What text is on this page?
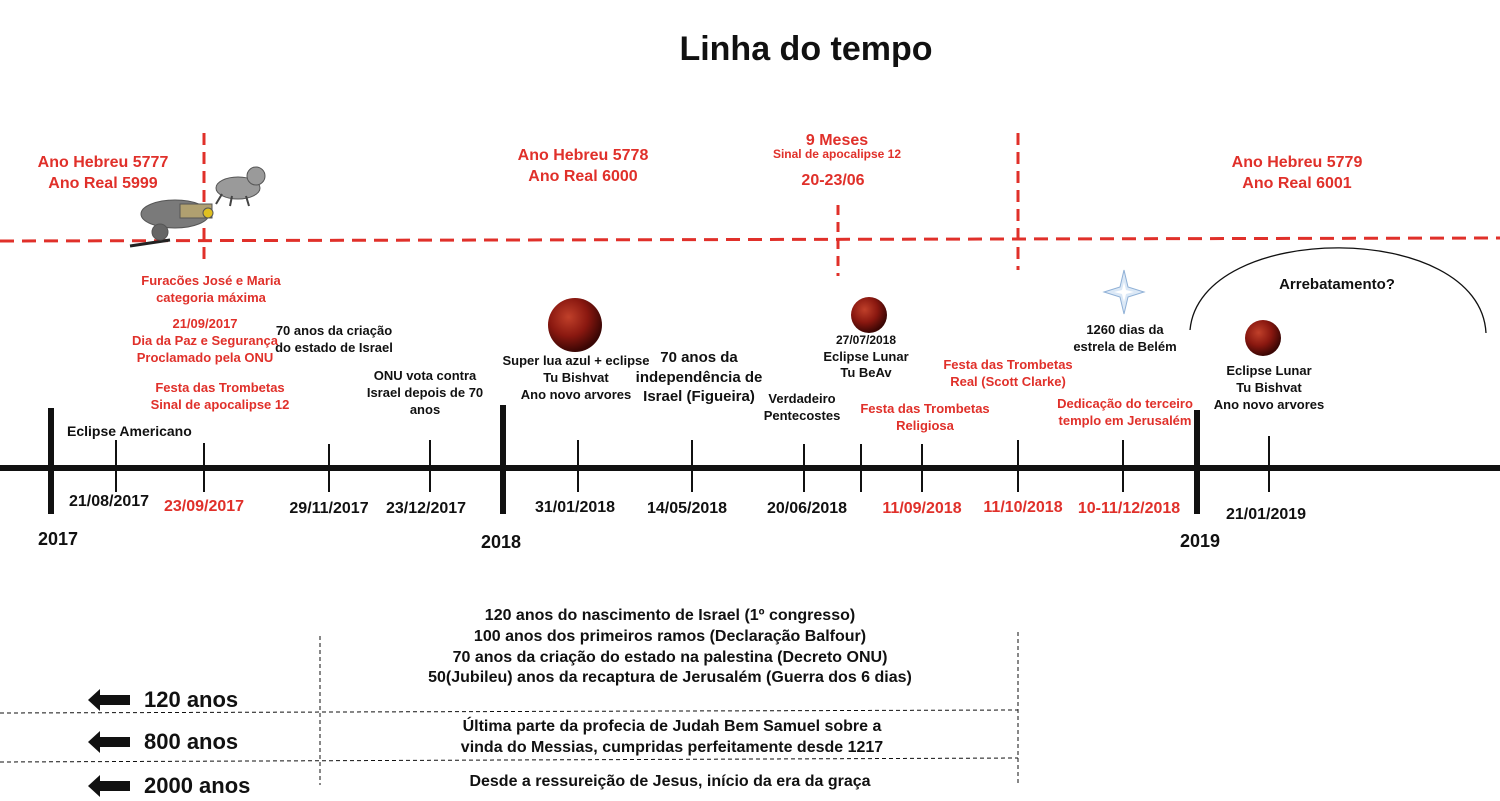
Linha do tempo
Ano Hebreu 5777
Ano Real 5999
Ano Hebreu 5778
Ano Real 6000
Ano Hebreu 5779
Ano Real 6001
9 Meses
Sinal de apocalipse 12
20-23/06
Furacões José e Maria
categoria máxima
21/09/2017
Dia da Paz e Segurança
Proclamado pela ONU
Festa das Trombetas
Sinal de apocalipse 12
Eclipse Americano
70 anos da criação
do estado de Israel
ONU vota contra
Israel depois de 70
anos
Super lua azul + eclipse
Tu Bishvat
Ano novo arvores
70 anos da
independência de
Israel (Figueira)	Verdadeiro
Pentecostes
27/07/2018
Eclipse Lunar
Tu BeAv
Festa das Trombetas
Religiosa
Festa das Trombetas
Real (Scott Clarke)
1260 dias da
estrela de Belém
Dedicação do terceiro
templo em Jerusalém
Eclipse Lunar
Tu Bishvat
Ano novo arvores
Arrebatamento?
21/08/2017 23/09/2017	29/11/2017 23/12/2017	31/01/2018 14/05/2018 20/06/2018 11/09/2018 11/10/2018 10-11/12/2018	21/01/2019
2017	2018	2019
120 anos
120 anos do nascimento de Israel (1º congresso)
100 anos dos primeiros ramos (Declaração Balfour)
70 anos da criação do estado na palestina (Decreto ONU)
50(Jubileu) anos da recaptura de Jerusalém (Guerra dos 6 dias)
800 anos
Última parte da profecia de Judah Bem Samuel sobre a
vinda do Messias, cumpridas perfeitamente desde 1217
2000 anos	Desde a ressureição de Jesus, início da era da graça
